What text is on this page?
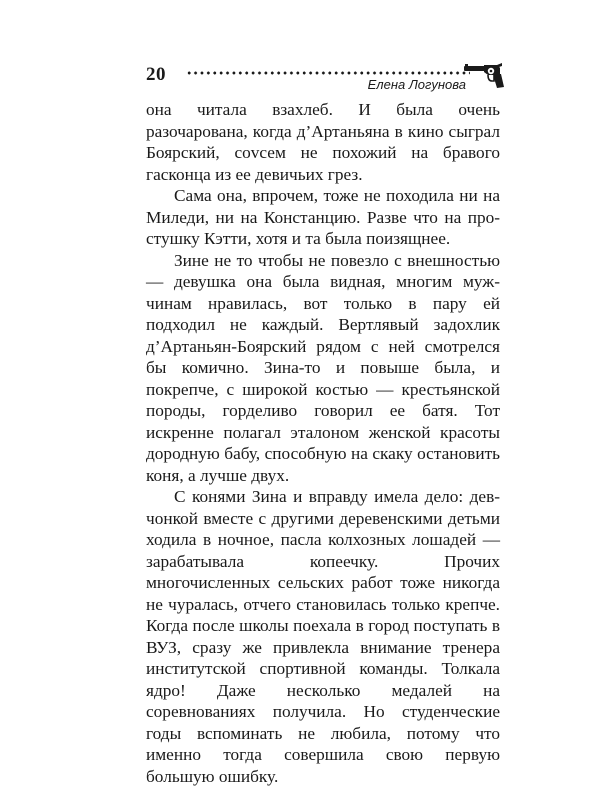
20	Елена Логунова

она читала взахлеб. И была очень разочарована, когда д’Артаньяна в кино сыграл Боярский, соvсем не похожий на бравого гасконца из ее девичьих грез.

Сама она, впрочем, тоже не походила ни на Миледи, ни на Констанцию. Разве что на простушку Кэтти, хотя и та была поизящнее.

Зине не то чтобы не повезло с внешностью — девушка она была видная, многим мужчинам нравилась, вот только в пару ей подходил не каждый. Вертлявый задохлик д’Артаньян-Боярский рядом с ней смотрелся бы комично. Зина-то и повыше была, и покрепче, с широкой костью — крестьянской породы, горделиво говорил ее батя. Тот искренне полагал эталоном женской красоты дородную бабу, способную на скаку остановить коня, а лучше двух.

С конями Зина и вправду имела дело: девчонкой вместе с другими деревенскими детьми ходила в ночное, пасла колхозных лошадей — зарабатывала копеечку. Прочих многочисленных сельских работ тоже никогда не чуралась, отчего становилась только крепче. Когда после школы поехала в город поступать в ВУЗ, сразу же привлекла внимание тренера институтской спортивной команды. Толкала ядро! Даже несколько медалей на соревнованиях получила. Но студенческие годы вспоминать не любила, потому что именно тогда совершила свою первую большую ошибку.
